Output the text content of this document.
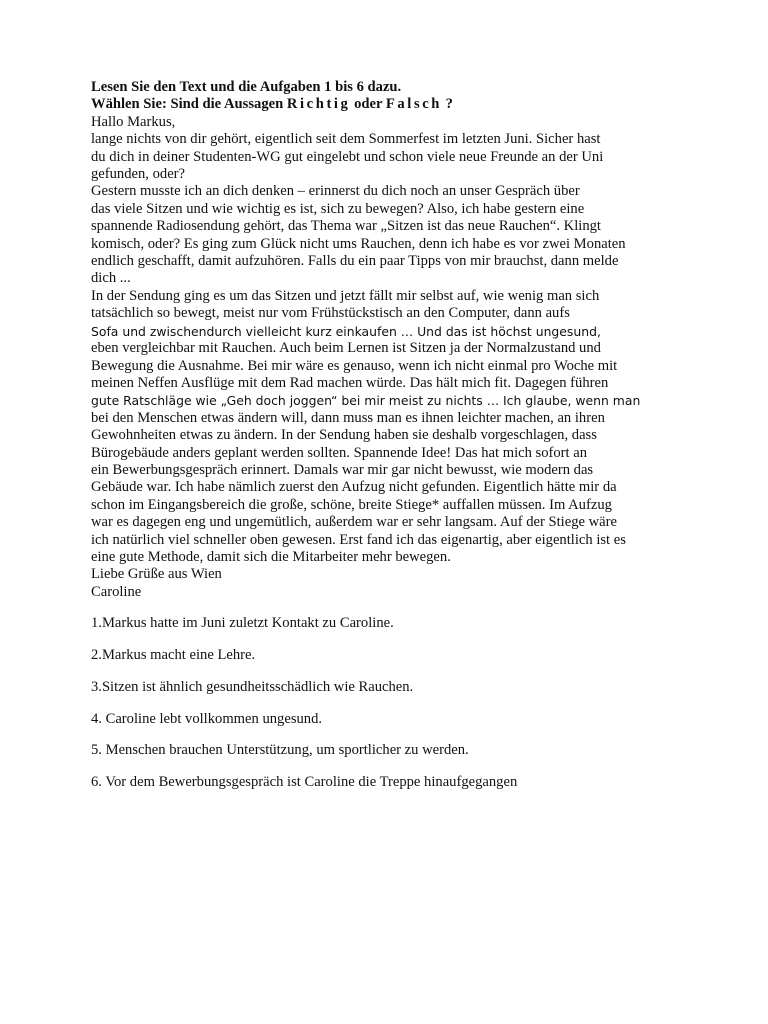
Lesen Sie den Text und die Aufgaben 1 bis 6 dazu.
Wählen Sie: Sind die Aussagen Richtig oder Falsch ?
Hallo Markus,
lange nichts von dir gehört, eigentlich seit dem Sommerfest im letzten Juni. Sicher hast
du dich in deiner Studenten-WG gut eingelebt und schon viele neue Freunde an der Uni
gefunden, oder?
Gestern musste ich an dich denken – erinnerst du dich noch an unser Gespräch über
das viele Sitzen und wie wichtig es ist, sich zu bewegen? Also, ich habe gestern eine
spannende Radiosendung gehört, das Thema war „Sitzen ist das neue Rauchen“. Klingt
komisch, oder? Es ging zum Glück nicht ums Rauchen, denn ich habe es vor zwei Monaten
endlich geschafft, damit aufzuhören. Falls du ein paar Tipps von mir brauchst, dann melde
dich ...
In der Sendung ging es um das Sitzen und jetzt fällt mir selbst auf, wie wenig man sich
tatsächlich so bewegt, meist nur vom Frühstückstisch an den Computer, dann aufs
Sofa und zwischendurch vielleicht kurz einkaufen … Und das ist höchst ungesund,
eben vergleichbar mit Rauchen. Auch beim Lernen ist Sitzen ja der Normalzustand und
Bewegung die Ausnahme. Bei mir wäre es genauso, wenn ich nicht einmal pro Woche mit
meinen Neffen Ausflüge mit dem Rad machen würde. Das hält mich fit. Dagegen führen
gute Ratschläge wie „Geh doch joggen“ bei mir meist zu nichts … Ich glaube, wenn man
bei den Menschen etwas ändern will, dann muss man es ihnen leichter machen, an ihren
Gewohnheiten etwas zu ändern. In der Sendung haben sie deshalb vorgeschlagen, dass
Bürogebäude anders geplant werden sollten. Spannende Idee! Das hat mich sofort an
ein Bewerbungsgespräch erinnert. Damals war mir gar nicht bewusst, wie modern das
Gebäude war. Ich habe nämlich zuerst den Aufzug nicht gefunden. Eigentlich hätte mir da
schon im Eingangsbereich die große, schöne, breite Stiege* auffallen müssen. Im Aufzug
war es dagegen eng und ungemütlich, außerdem war er sehr langsam. Auf der Stiege wäre
ich natürlich viel schneller oben gewesen. Erst fand ich das eigenartig, aber eigentlich ist es
eine gute Methode, damit sich die Mitarbeiter mehr bewegen.
Liebe Grüße aus Wien
Caroline
1.Markus hatte im Juni zuletzt Kontakt zu Caroline.
2.Markus macht eine Lehre.
3.Sitzen ist ähnlich gesundheitsschädlich wie Rauchen.
4. Caroline lebt vollkommen ungesund.
5. Menschen brauchen Unterstützung, um sportlicher zu werden.
6. Vor dem Bewerbungsgespräch ist Caroline die Treppe hinaufgegangen
